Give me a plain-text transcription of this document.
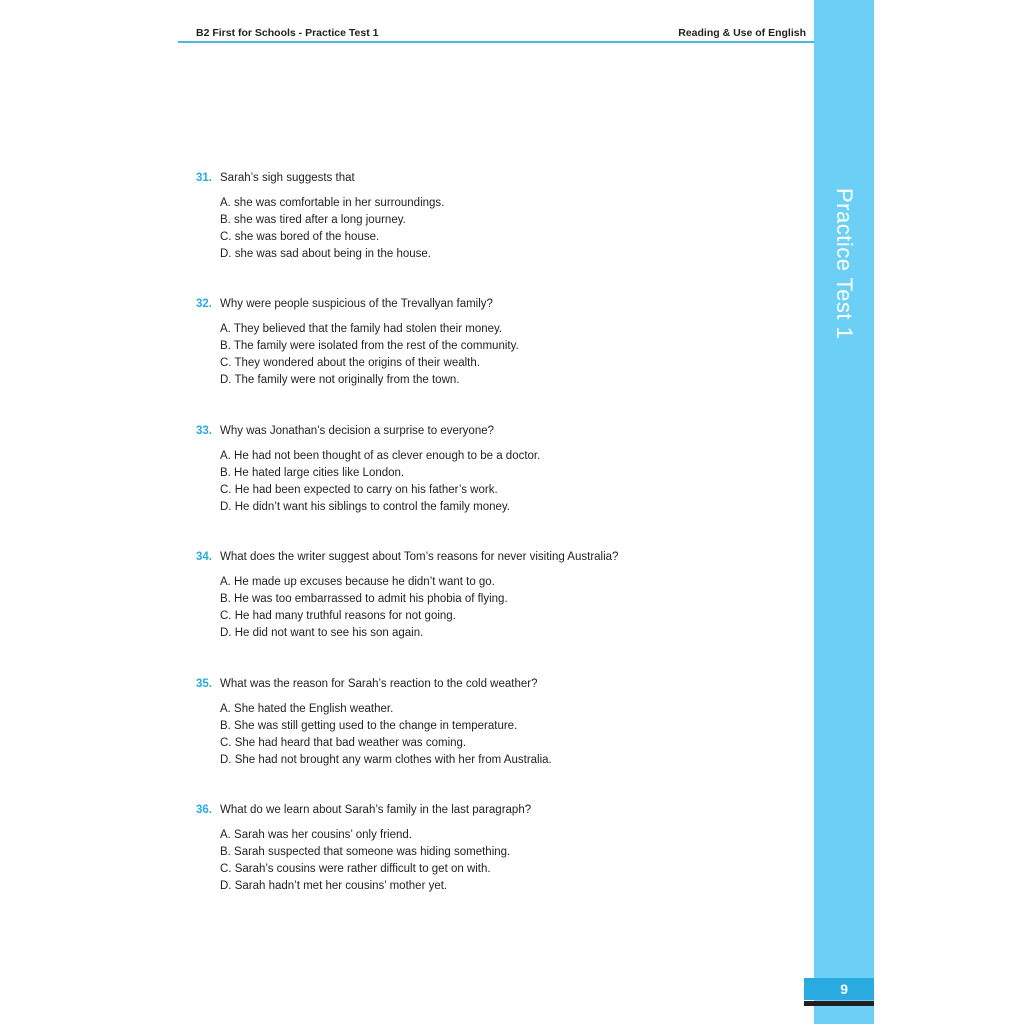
B2 First for Schools - Practice Test 1	Reading & Use of English
Practice Test 1
9
31. Sarah’s sigh suggests that
A. she was comfortable in her surroundings.
B. she was tired after a long journey.
C. she was bored of the house.
D. she was sad about being in the house.
32. Why were people suspicious of the Trevallyan family?
A. They believed that the family had stolen their money.
B. The family were isolated from the rest of the community.
C. They wondered about the origins of their wealth.
D. The family were not originally from the town.
33. Why was Jonathan’s decision a surprise to everyone?
A. He had not been thought of as clever enough to be a doctor.
B. He hated large cities like London.
C. He had been expected to carry on his father’s work.
D. He didn’t want his siblings to control the family money.
34. What does the writer suggest about Tom’s reasons for never visiting Australia?
A. He made up excuses because he didn’t want to go.
B. He was too embarrassed to admit his phobia of flying.
C. He had many truthful reasons for not going.
D. He did not want to see his son again.
35. What was the reason for Sarah’s reaction to the cold weather?
A. She hated the English weather.
B. She was still getting used to the change in temperature.
C. She had heard that bad weather was coming.
D. She had not brought any warm clothes with her from Australia.
36. What do we learn about Sarah’s family in the last paragraph?
A. Sarah was her cousins’ only friend.
B. Sarah suspected that someone was hiding something.
C. Sarah’s cousins were rather difficult to get on with.
D. Sarah hadn’t met her cousins’ mother yet.
